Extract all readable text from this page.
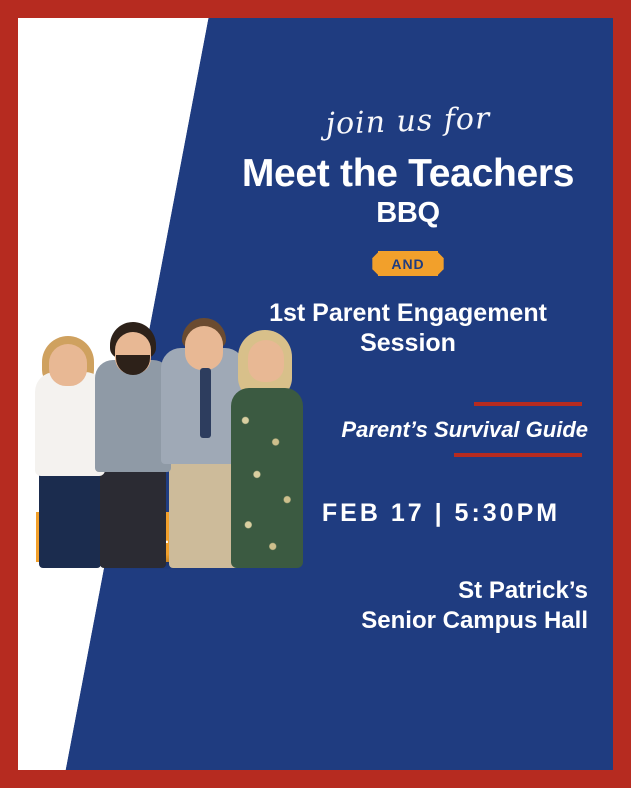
join us for
Meet the Teachers
BBQ
AND
1st Parent Engagement Session
Parent’s Survival Guide
FEB 17 | 5:30PM
St Patrick’s
Senior Campus Hall
